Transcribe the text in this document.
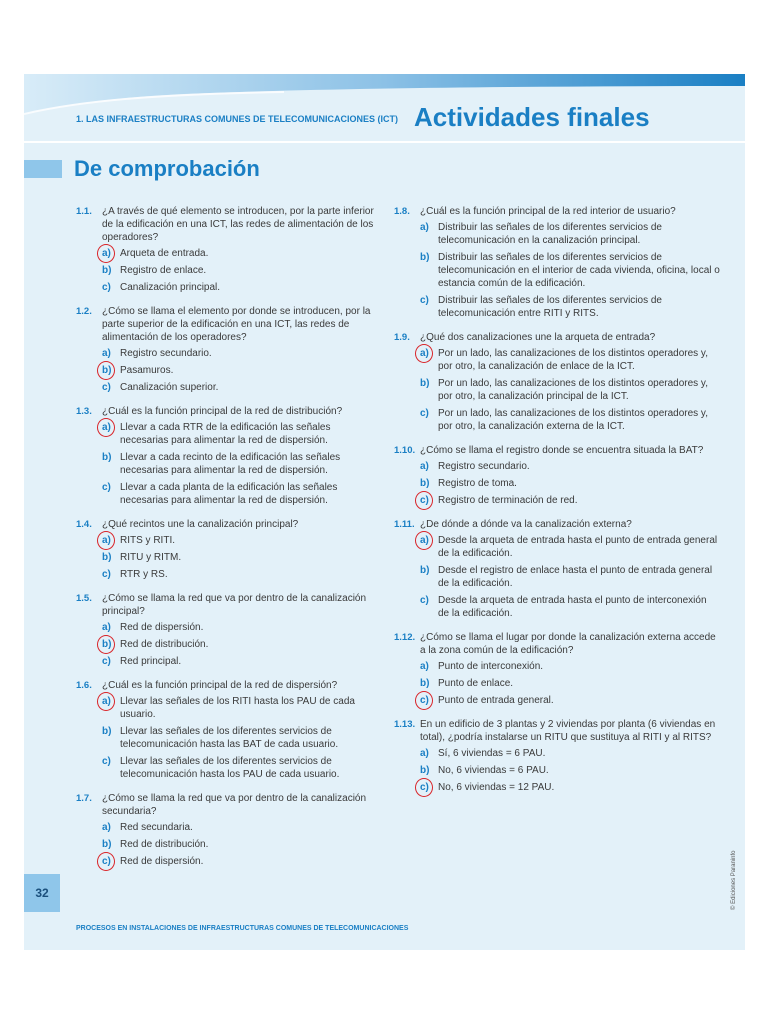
1. LAS INFRAESTRUCTURAS COMUNES DE TELECOMUNICACIONES (ICT) Actividades finales
De comprobación
1.1.	¿A través de qué elemento se introducen, por la parte inferior de la edificación en una ICT, las redes de alimentación de los operadores?
a) Arqueta de entrada.
b) Registro de enlace.
c) Canalización principal.
1.2.	¿Cómo se llama el elemento por donde se introducen, por la parte superior de la edificación en una ICT, las redes de alimentación de los operadores?
a) Registro secundario.
b) Pasamuros.
c) Canalización superior.
1.3.	¿Cuál es la función principal de la red de distribución?
a) Llevar a cada RTR de la edificación las señales necesarias para alimentar la red de dispersión.
b) Llevar a cada recinto de la edificación las señales necesarias para alimentar la red de dispersión.
c) Llevar a cada planta de la edificación las señales necesarias para alimentar la red de dispersión.
1.4.	¿Qué recintos une la canalización principal?
a) RITS y RITI.
b) RITU y RITM.
c) RTR y RS.
1.5.	¿Cómo se llama la red que va por dentro de la canalización principal?
a) Red de dispersión.
b) Red de distribución.
c) Red principal.
1.6.	¿Cuál es la función principal de la red de dispersión?
a) Llevar las señales de los RITI hasta los PAU de cada usuario.
b) Llevar las señales de los diferentes servicios de telecomunicación hasta las BAT de cada usuario.
c) Llevar las señales de los diferentes servicios de telecomunicación hasta los PAU de cada usuario.
1.7.	¿Cómo se llama la red que va por dentro de la canalización secundaria?
a) Red secundaria.
b) Red de distribución.
c) Red de dispersión.
1.8.	¿Cuál es la función principal de la red interior de usuario?
a) Distribuir las señales de los diferentes servicios de telecomunicación en la canalización principal.
b) Distribuir las señales de los diferentes servicios de telecomunicación en el interior de cada vivienda, oficina, local o estancia común de la edificación.
c) Distribuir las señales de los diferentes servicios de telecomunicación entre RITI y RITS.
1.9.	¿Qué dos canalizaciones une la arqueta de entrada?
a) Por un lado, las canalizaciones de los distintos operadores y, por otro, la canalización de enlace de la ICT.
b) Por un lado, las canalizaciones de los distintos operadores y, por otro, la canalización principal de la ICT.
c) Por un lado, las canalizaciones de los distintos operadores y, por otro, la canalización externa de la ICT.
1.10. ¿Cómo se llama el registro donde se encuentra situada la BAT?
a) Registro secundario.
b) Registro de toma.
c) Registro de terminación de red.
1.11. ¿De dónde a dónde va la canalización externa?
a) Desde la arqueta de entrada hasta el punto de entrada general de la edificación.
b) Desde el registro de enlace hasta el punto de entrada general de la edificación.
c) Desde la arqueta de entrada hasta el punto de interconexión de la edificación.
1.12. ¿Cómo se llama el lugar por donde la canalización externa accede a la zona común de la edificación?
a) Punto de interconexión.
b) Punto de enlace.
c) Punto de entrada general.
1.13. En un edificio de 3 plantas y 2 viviendas por planta (6 viviendas en total), ¿podría instalarse un RITU que sustituya al RITI y al RITS?
a) Sí, 6 viviendas = 6 PAU.
b) No, 6 viviendas = 6 PAU.
c) No, 6 viviendas = 12 PAU.
32
PROCESOS EN INSTALACIONES DE INFRAESTRUCTURAS COMUNES DE TELECOMUNICACIONES
© Ediciones Paraninfo
